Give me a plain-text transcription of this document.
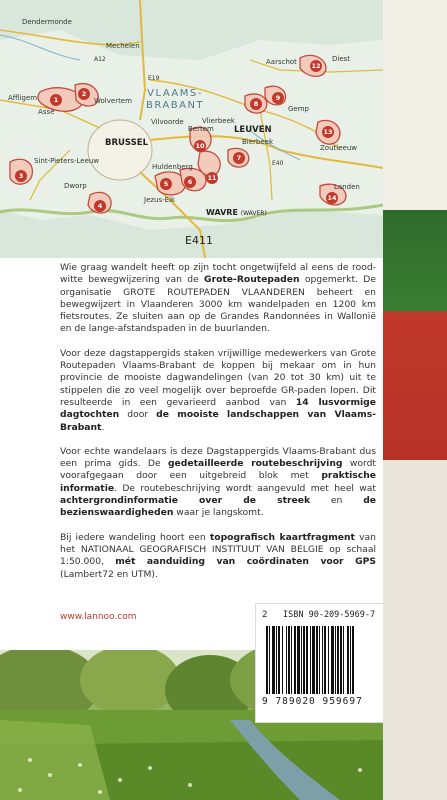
Dendermonde
Mechelen
A12
E19
Aarschot	Diest
VLAAMS-
BRABANT
Affligem
Asse
Wolvertem
Vilvoorde	Vlierbeek
Gemp
Bertem
BRUSSEL
LEUVEN
Bierbeek
Zoutleeuw
E40
Sint-Pieters-Leeuw
Huldenberg
Landen
Dworp
Jezus-Eik
WAVRE (WAVER)
E411
1
2
3
4
5	6
7
8
9
10
11
12
13
14

Wie graag wandelt heeft op zijn tocht ongetwijfeld al eens de rood-witte bewegwijzering van de Grote-Routepaden opgemerkt. De organisatie GROTE ROUTEPADEN VLAANDEREN beheert en bewegwijzert in Vlaanderen 3000 km wandelpaden en 1200 km fietsroutes. Ze sluiten aan op de Grandes Randonnées in Wallonië en de lange-afstandspaden in de buurlanden.

Voor deze dagstappergids staken vrijwillige medewerkers van Grote Routepaden Vlaams-Brabant de koppen bij mekaar om in hun provincie de mooiste dagwandelingen (van 20 tot 30 km) uit te stippelen die zo veel mogelijk over beproefde GR-paden lopen. Dit resulteerde in een gevarieerd aanbod van 14 lusvormige dagtochten door de mooiste landschappen van Vlaams-Brabant.

Voor echte wandelaars is deze Dagstappergids Vlaams-Brabant dus een prima gids. De gedetailleerde routebeschrijving wordt voorafgegaan door een uitgebreid blok met praktische informatie. De routebeschrijving wordt aangevuld met heel wat achtergrondinformatie over de streek en de bezienswaardigheden waar je langskomt.

Bij iedere wandeling hoort een topografisch kaartfragment van het NATIONAAL GEOGRAFISCH INSTITUUT VAN BELGIE op schaal 1:50.000, mét aanduiding van coördinaten voor GPS (Lambert72 en UTM).

www.lannoo.com	2 ISBN 90-209-5969-7
9 789020 959697
